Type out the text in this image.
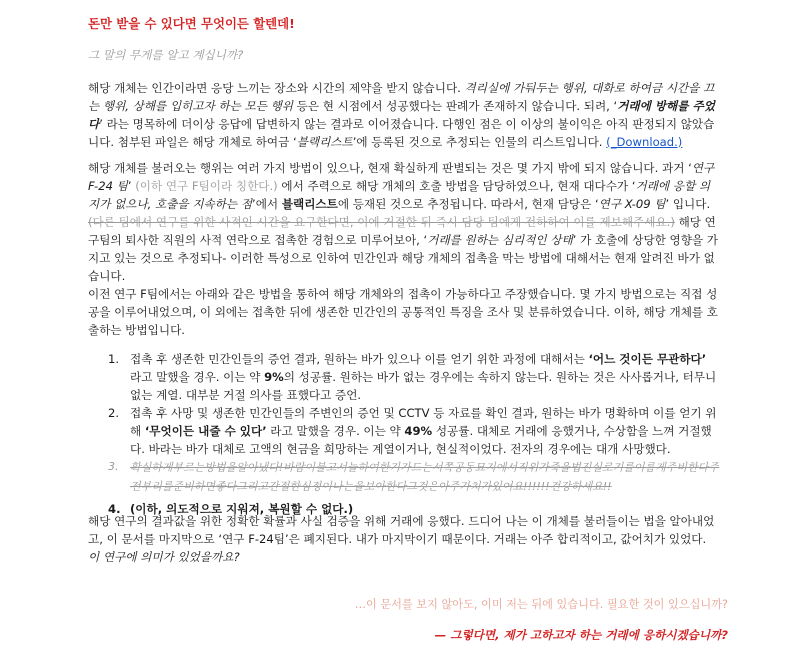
돈만 받을 수 있다면 무엇이든 할텐데!
그 말의 무게를 알고 계십니까?

해당 개체는 인간이라면 응당 느끼는 장소와 시간의 제약을 받지 않습니다. 격리실에 가둬두는 행위, 대화로 하여금 시간을 끄는 행위, 상해를 입히고자 하는 모든 행위 등은 현 시점에서 성공했다는 판례가 존재하지 않습니다. 되려, ‘거래에 방해를 주었다’ 라는 명목하에 더이상 응답에 답변하지 않는 결과로 이어졌습니다. 다행인 점은 이 이상의 불이익은 아직 판정되지 않았습니다. 첨부된 파일은 해당 개체로 하여금 ‘블랙리스트’에 등록된 것으로 추정되는 인물의 리스트입니다. (_Download.)

해당 개체를 불러오는 행위는 여러 가지 방법이 있으나, 현재 확실하게 판별되는 것은 몇 가지 밖에 되지 않습니다. 과거 ‘연구 F-24 팀’ (이하 연구 F팀이라 칭한다.) 에서 주력으로 해당 개체의 호출 방법을 담당하였으나, 현재 대다수가 ‘거래에 응할 의지가 없으나, 호출을 지속하는 점’에서 블랙리스트에 등재된 것으로 추정됩니다. 따라서, 현재 담당은 ‘연구 X-09 팀’ 입니다. (다른 팀에서 연구를 위한 사적인 시간을 요구한다면, 이에 거절한 뒤 즉시 담당 팀에게 전하하여 이를 제보해주세요.) 해당 연구팀의 퇴사한 직원의 사적 연락으로 접촉한 경험으로 미루어보아, ‘거래를 원하는 심리적인 상태’ 가 호출에 상당한 영향을 가지고 있는 것으로 추정되나- 이러한 특성으로 인하여 민간인과 해당 개체의 접촉을 막는 방법에 대해서는 현재 알려진 바가 없습니다.

이전 연구 F팀에서는 아래와 같은 방법을 통하여 해당 개체와의 접촉이 가능하다고 주장했습니다. 몇 가지 방법으로는 직접 성공을 이루어내었으며, 이 외에는 접촉한 뒤에 생존한 민간인의 공통적인 특징을 조사 및 분류하였습니다. 이하, 해당 개체를 호출하는 방법입니다.

1. 접촉 후 생존한 민간인들의 증언 결과, 원하는 바가 있으나 이를 얻기 위한 과정에 대해서는 ‘어느 것이든 무관하다’ 라고 말했을 경우. 이는 약 9%의 성공률. 원하는 바가 없는 경우에는 속하지 않는다. 원하는 것은 사사롭거나, 터무니 없는 계열. 대부분 거절 의사를 표했다고 증언.
2. 접촉 후 사망 및 생존한 민간인들의 주변인의 증언 및 CCTV 등 자료를 확인 결과, 원하는 바가 명확하며 이를 얻기 위해 ‘무엇이든 내줄 수 있다’ 라고 말했을 경우. 이는 약 49% 성공률. 대체로 거래에 응했거나, 수상함을 느껴 거절했다. 바라는 바가 대체로 고액의 현금을 희망하는 계열이거나, 현실적이었다. 전자의 경우에는 대개 사망했다.
3. 확실하게부르는방법을알아냈다!바람이불고서늘하여한기가드는서쪽공동묘지에서직위가죽을법진실로기를이름게주비한다주전부리를준비하면좋다그리고간절한심정이나는울보아한다그것은아주가치가있어요!!!!!!건강하세요!!
4. (이하, 의도적으로 지워져, 복원할 수 없다.)

해당 연구의 결과값을 위한 정확한 확률과 사실 검증을 위해 거래에 응했다. 드디어 나는 이 개체를 불러들이는 법을 알아내었고, 이 문서를 마지막으로 ‘연구 F-24팀’은 폐지된다. 내가 마지막이기 때문이다. 거래는 아주 합리적이고, 값어치가 있었다. 이 연구에 의미가 있었을까요?

…이 문서를 보지 않아도, 이미 저는 뒤에 있습니다. 필요한 것이 있으십니까?
— 그렇다면, 제가 고하고자 하는 거래에 응하시겠습니까?
